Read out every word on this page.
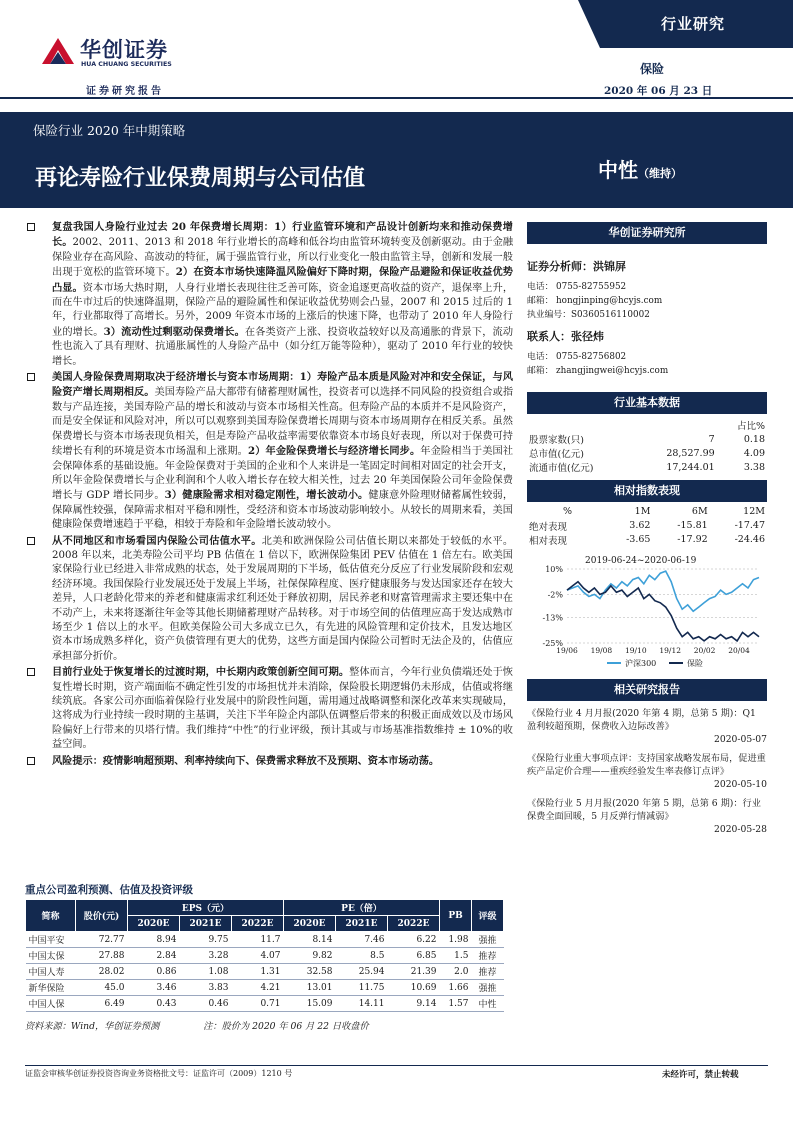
华创证券
HUA CHUANG SECURITIES
证券研究报告
行业研究
保险
2020 年 06 月 23 日
保险行业 2020 年中期策略
再论寿险行业保费周期与公司估值	中性（维持）
复盘我国人身险行业过去 20 年保费增长周期：1）行业监管环境和产品设计创新均来和推动保费增长。2002、2011、2013 和 2018 年行业增长的高峰和低谷均由监管环境转变及创新驱动。由于金融保险业存在高风险、高波动的特征，属于强监管行业，所以行业变化一般由监管主导，创新和发展一般出现于宽松的监管环境下。2）在资本市场快速降温风险偏好下降时期，保险产品避险和保证收益优势凸显。资本市场大热时期，人身行业增长表现往往乏善可陈，资金追逐更高收益的资产，退保率上升，而在牛市过后的快速降温期，保险产品的避险属性和保证收益优势则会凸显，2007 和 2015 过后的 1 年，行业都取得了高增长。另外，2009 年资本市场的上涨后的快速下降，也带动了 2010 年人身险行业的增长。3）流动性过剩驱动保费增长。在各类资产上涨、投资收益较好以及高通胀的背景下，流动性也流入了具有理财、抗通胀属性的人身险产品中（如分红万能等险种），驱动了 2010 年行业的较快增长。
美国人身险保费周期取决于经济增长与资本市场周期：1）寿险产品本质是风险对冲和安全保证，与风险资产增长周期相反。美国寿险产品大都带有储蓄理财属性，投资者可以选择不同风险的投资组合或指数与产品连接，美国寿险产品的增长和波动与资本市场相关性高。但寿险产品的本质并不是风险资产，而是安全保证和风险对冲，所以可以观察到美国寿险保费增长周期与资本市场周期存在相反关系。虽然保费增长与资本市场表现负相关，但是寿险产品收益率需要依靠资本市场良好表现，所以对于保费可持续增长有利的环境是资本市场温和上涨期。2）年金险保费增长与经济增长同步。年金险相当于美国社会保障体系的基础设施。年金险保费对于美国的企业和个人来讲是一笔固定时间相对固定的社会开支，所以年金险保费增长与企业利润和个人收入增长存在较大相关性，过去 20 年美国保险公司年金险保费增长与 GDP 增长同步。3）健康险需求相对稳定刚性，增长波动小。健康意外险理财储蓄属性较弱，保障属性较强，保障需求相对平稳和刚性，受经济和资本市场波动影响较小。从较长的周期来看，美国健康险保费增速趋于平稳，相较于寿险和年金险增长波动较小。
从不同地区和市场看国内保险公司估值水平。北美和欧洲保险公司估值长期以来都处于较低的水平。2008 年以来，北美寿险公司平均 PB 估值在 1 倍以下，欧洲保险集团 PEV 估值在 1 倍左右。欧美国家保险行业已经进入非常成熟的状态，处于发展周期的下半场，低估值充分反应了行业发展阶段和宏观经济环境。我国保险行业发展还处于发展上半场，社保保障程度、医疗健康服务与发达国家还存在较大差异，人口老龄化带来的养老和健康需求红利还处于释放初期，居民养老和财富管理需求主要还集中在不动产上，未来将逐渐往年金等其他长期储蓄理财产品转移。对于市场空间的估值理应高于发达成熟市场至少 1 倍以上的水平。但欧美保险公司大多成立已久，有先进的风险管理和定价技术，且发达地区资本市场成熟多样化，资产负债管理有更大的优势，这些方面是国内保险公司暂时无法企及的，估值应承担部分折价。
目前行业处于恢复增长的过渡时期，中长期内政策创新空间可期。整体而言，今年行业负债端还处于恢复性增长时期，资产端面临不确定性引发的市场担忧并未消除，保险股长期逻辑仍未形成，估值或将继续筑底。各家公司亦面临着保险行业发展中的阶段性问题，需用通过战略调整和深化改革来实现破局，这将成为行业持续一段时期的主基调，关注下半年险企内部队伍调整后带来的积极正面成效以及市场风险偏好上行带来的贝塔行情。我们维持“中性”的行业评级，预计其或与市场基准指数维持 ± 10%的收益空间。
风险提示：疫情影响超预期、利率持续向下、保费需求释放不及预期、资本市场动荡。
华创证券研究所
证券分析师：洪锦屏
电话： 0755-82755952
邮箱： hongjinping@hcyjs.com
执业编号：S0360516110002
联系人：张径炜
电话： 0755-82756802
邮箱： zhangjingwei@hcyjs.com
行业基本数据
		占比%
股票家数(只)	7	0.18
总市值(亿元)	28,527.99	4.09
流通市值(亿元)	17,244.01	3.38
相对指数表现
%	1M	6M	12M
绝对表现	3.62	-15.81	-17.47
相对表现	-3.65	-17.92	-24.46
2019-06-24~2020-06-19
10%
-2%
-13%
-25%
19/06 19/08 19/10 19/12 20/02 20/04
沪深300	保险
相关研究报告
《保险行业 4 月月报(2020 年第 4 期，总第 5 期)：Q1 盈利较超预期，保费收入边际改善》
2020-05-07
《保险行业重大事项点评：支持国家战略发展布局，促进重疾产品定价合理——重疾经验发生率表修订点评》
2020-05-10
《保险行业 5 月月报(2020 年第 5 期，总第 6 期)：行业保费全面回暖，5 月反弹行情减弱》
2020-05-28
重点公司盈利预测、估值及投资评级
简称	股价(元)	EPS（元）			PE（倍）			PB	评级
		2020E	2021E	2022E	2020E	2021E	2022E		
中国平安	72.77	8.94	9.75	11.7	8.14	7.46	6.22	1.98	强推
中国太保	27.88	2.84	3.28	4.07	9.82	8.5	6.85	1.5	推荐
中国人寿	28.02	0.86	1.08	1.31	32.58	25.94	21.39	2.0	推荐
新华保险	45.0	3.46	3.83	4.21	13.01	11.75	10.69	1.66	强推
中国人保	6.49	0.43	0.46	0.71	15.09	14.11	9.14	1.57	中性
资料来源：Wind，华创证券预测	注：股价为 2020 年 06 月 22 日收盘价
证监会审核华创证券投资咨询业务资格批文号：证监许可（2009）1210 号	未经许可，禁止转载
